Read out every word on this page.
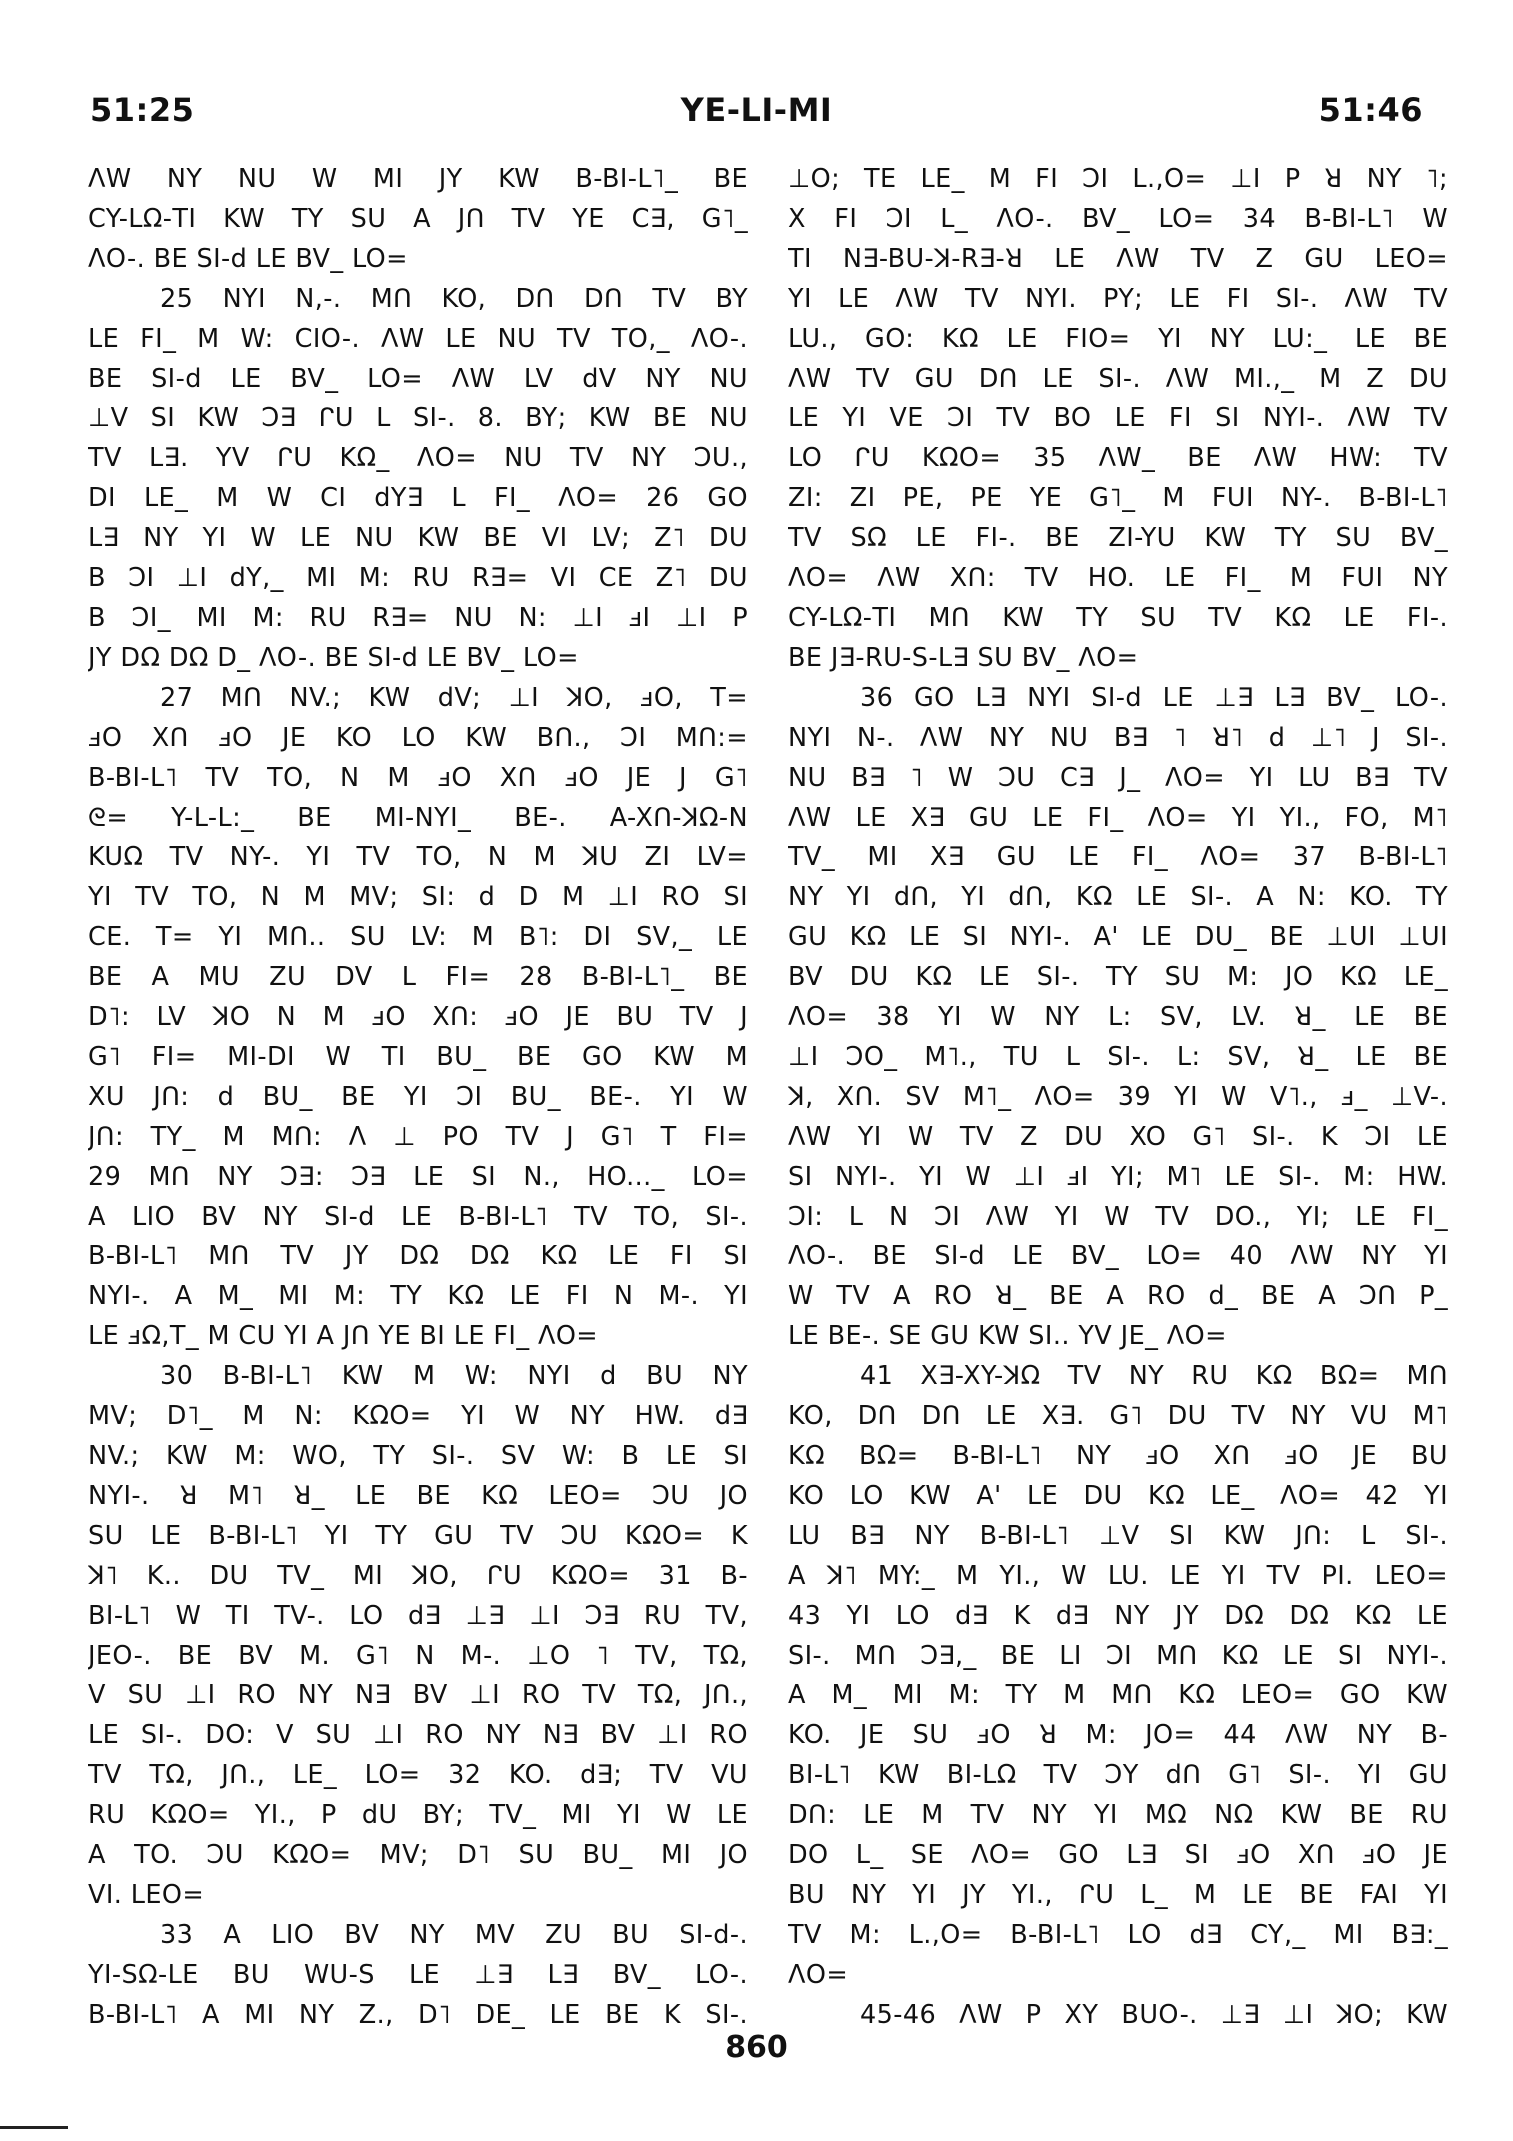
51:25	YE-LI-MI	51:46

ΛW NY NU W MI JY KW B-BI-L˥_ BE

CY-LΩ-TI KW TY SU A Jᑎ TV YE C∃, G˥_

ΛO-. BE SI-d LE BV_ LO=

25 NYI N,-. Mᑎ KO, Dᑎ Dᑎ TV BY

LE FI_ M W: CIO-. ΛW LE NU TV TO,_ ΛO-.

BE SI-d LE BV_ LO= ΛW LV dV NY NU

⊥V SI KW Ɔ∃ ᒋU L SI-. 8. BY; KW BE NU

TV L∃. YV ᒋU KΩ_ ΛO= NU TV NY ƆU.,

DI LE_ M W CI dY∃ L FI_ ΛO= 26 GO

L∃ NY YI W LE NU KW BE VI LV; Z˥ DU

B ƆI ⊥I dY,_ MI M: RU R∃= VI CE Z˥ DU

B ƆI_ MI M: RU R∃= NU N: ⊥I ⅎI ⊥I P

JY DΩ DΩ D_ ΛO-. BE SI-d LE BV_ LO=

27 Mᑎ NV.; KW dV; ⊥I ꓘO, ⅎO, T=

ⅎO Xᑎ ⅎO JE KO LO KW Bᑎ., ƆI Mᑎ:=

B-BI-L˥ TV TO, N M ⅎO Xᑎ ⅎO JE J G˥

ᘓ= Y-L-L:_ BE MI-NYI_ BE-. A-Xᑎ-ꓘΩ-N

KUΩ TV NY-. YI TV TO, N M ꓘU ZI LV=

YI TV TO, N M MV; SI: d D M ⊥I RO SI

CE. T= YI Mᑎ.. SU LV: M B˥: DI SV,_ LE

BE A MU ZU DV L FI= 28 B-BI-L˥_ BE

D˥: LV ꓘO N M ⅎO Xᑎ: ⅎO JE BU TV J

G˥ FI= MI-DI W TI BU_ BE GO KW M

XU Jᑎ: d BU_ BE YI ƆI BU_ BE-. YI W

Jᑎ: TY_ M Mᑎ: Λ ⊥ PO TV J G˥ T FI=

29 Mᑎ NY Ɔ∃: Ɔ∃ LE SI N., HO..._ LO=

A LIO BV NY SI-d LE B-BI-L˥ TV TO, SI-.

B-BI-L˥ Mᑎ TV JY DΩ DΩ KΩ LE FI SI

NYI-. A M_ MI M: TY KΩ LE FI N M-. YI

LE ⅎΩ,T_ M CU YI A Jᑎ YE BI LE FI_ ΛO=

30 B-BI-L˥ KW M W: NYI d BU NY

MV; D˥_ M N: KΩO= YI W NY HW. d∃

NV.; KW M: WO, TY SI-. SV W: B LE SI

NYI-. ꓤ M˥ ꓤ_ LE BE KΩ LEO= ƆU JO

SU LE B-BI-L˥ YI TY GU TV ƆU KΩO= K

ꓘ˥ K.. DU TV_ MI ꓘO, ᒋU KΩO= 31 B-

BI-L˥ W TI TV-. LO d∃ ⊥∃ ⊥I Ɔ∃ RU TV,

JEO-. BE BV M. G˥ N M-. ⊥O ˥ TV, TΩ,

V SU ⊥I RO NY N∃ BV ⊥I RO TV TΩ, Jᑎ.,

LE SI-. DO: V SU ⊥I RO NY N∃ BV ⊥I RO

TV TΩ, Jᑎ., LE_ LO= 32 KO. d∃; TV VU

RU KΩO= YI., P dU BY; TV_ MI YI W LE

A TO. ƆU KΩO= MV; D˥ SU BU_ MI JO

VI. LEO=

33 A LIO BV NY MV ZU BU SI-d-.

YI-SΩ-LE BU WU-S LE ⊥∃ L∃ BV_ LO-.

B-BI-L˥ A MI NY Z., D˥ DE_ LE BE K SI-.

⊥O; TE LE_ M FI ƆI L.,O= ⊥I P ꓤ NY ˥;

X FI ƆI L_ ΛO-. BV_ LO= 34 B-BI-L˥ W

TI N∃-BU-ꓘ-R∃-ꓤ LE ΛW TV Z GU LEO=

YI LE ΛW TV NYI. PY; LE FI SI-. ΛW TV

LU., GO: KΩ LE FIO= YI NY LU:_ LE BE

ΛW TV GU Dᑎ LE SI-. ΛW MI.,_ M Z DU

LE YI VE ƆI TV BO LE FI SI NYI-. ΛW TV

LO ᒋU KΩO= 35 ΛW_ BE ΛW HW: TV

ZI: ZI PE, PE YE G˥_ M FUI NY-. B-BI-L˥

TV SΩ LE FI-. BE ZI-YU KW TY SU BV_

ΛO= ΛW Xᑎ: TV HO. LE FI_ M FUI NY

CY-LΩ-TI Mᑎ KW TY SU TV KΩ LE FI-.

BE J∃-RU-S-L∃ SU BV_ ΛO=

36 GO L∃ NYI SI-d LE ⊥∃ L∃ BV_ LO-.

NYI N-. ΛW NY NU B∃ ˥ ꓤ˥ d ⊥˥ J SI-.

NU B∃ ˥ W ƆU C∃ J_ ΛO= YI LU B∃ TV

ΛW LE X∃ GU LE FI_ ΛO= YI YI., FO, M˥

TV_ MI X∃ GU LE FI_ ΛO= 37 B-BI-L˥

NY YI dᑎ, YI dᑎ, KΩ LE SI-. A N: KO. TY

GU KΩ LE SI NYI-. A' LE DU_ BE ⊥UI ⊥UI

BV DU KΩ LE SI-. TY SU M: JO KΩ LE_

ΛO= 38 YI W NY L: SV, LV. ꓤ_ LE BE

⊥I ƆO_ M˥., TU L SI-. L: SV, ꓤ_ LE BE

ꓘ, Xᑎ. SV M˥_ ΛO= 39 YI W V˥., ⅎ_ ⊥V-.

ΛW YI W TV Z DU XO G˥ SI-. K ƆI LE

SI NYI-. YI W ⊥I ⅎI YI; M˥ LE SI-. M: HW.

ƆI: L N ƆI ΛW YI W TV DO., YI; LE FI_

ΛO-. BE SI-d LE BV_ LO= 40 ΛW NY YI

W TV A RO ꓤ_ BE A RO d_ BE A Ɔᑎ P_

LE BE-. SE GU KW SI.. YV JE_ ΛO=

41 X∃-XY-ꓘΩ TV NY RU KΩ BΩ= Mᑎ

KO, Dᑎ Dᑎ LE X∃. G˥ DU TV NY VU M˥

KΩ BΩ= B-BI-L˥ NY ⅎO Xᑎ ⅎO JE BU

KO LO KW A' LE DU KΩ LE_ ΛO= 42 YI

LU B∃ NY B-BI-L˥ ⊥V SI KW Jᑎ: L SI-.

A ꓘ˥ MY:_ M YI., W LU. LE YI TV PI. LEO=

43 YI LO d∃ K d∃ NY JY DΩ DΩ KΩ LE

SI-. Mᑎ Ɔ∃,_ BE LI ƆI Mᑎ KΩ LE SI NYI-.

A M_ MI M: TY M Mᑎ KΩ LEO= GO KW

KO. JE SU ⅎO ꓤ M: JO= 44 ΛW NY B-

BI-L˥ KW BI-LΩ TV ƆY dᑎ G˥ SI-. YI GU

Dᑎ: LE M TV NY YI MΩ NΩ KW BE RU

DO L_ SE ΛO= GO L∃ SI ⅎO Xᑎ ⅎO JE

BU NY YI JY YI., ᒋU L_ M LE BE FAI YI

TV M: L.,O= B-BI-L˥ LO d∃ CY,_ MI B∃:_

ΛO=

45-46 ΛW P XY BUO-. ⊥∃ ⊥I ꓘO; KW

860
